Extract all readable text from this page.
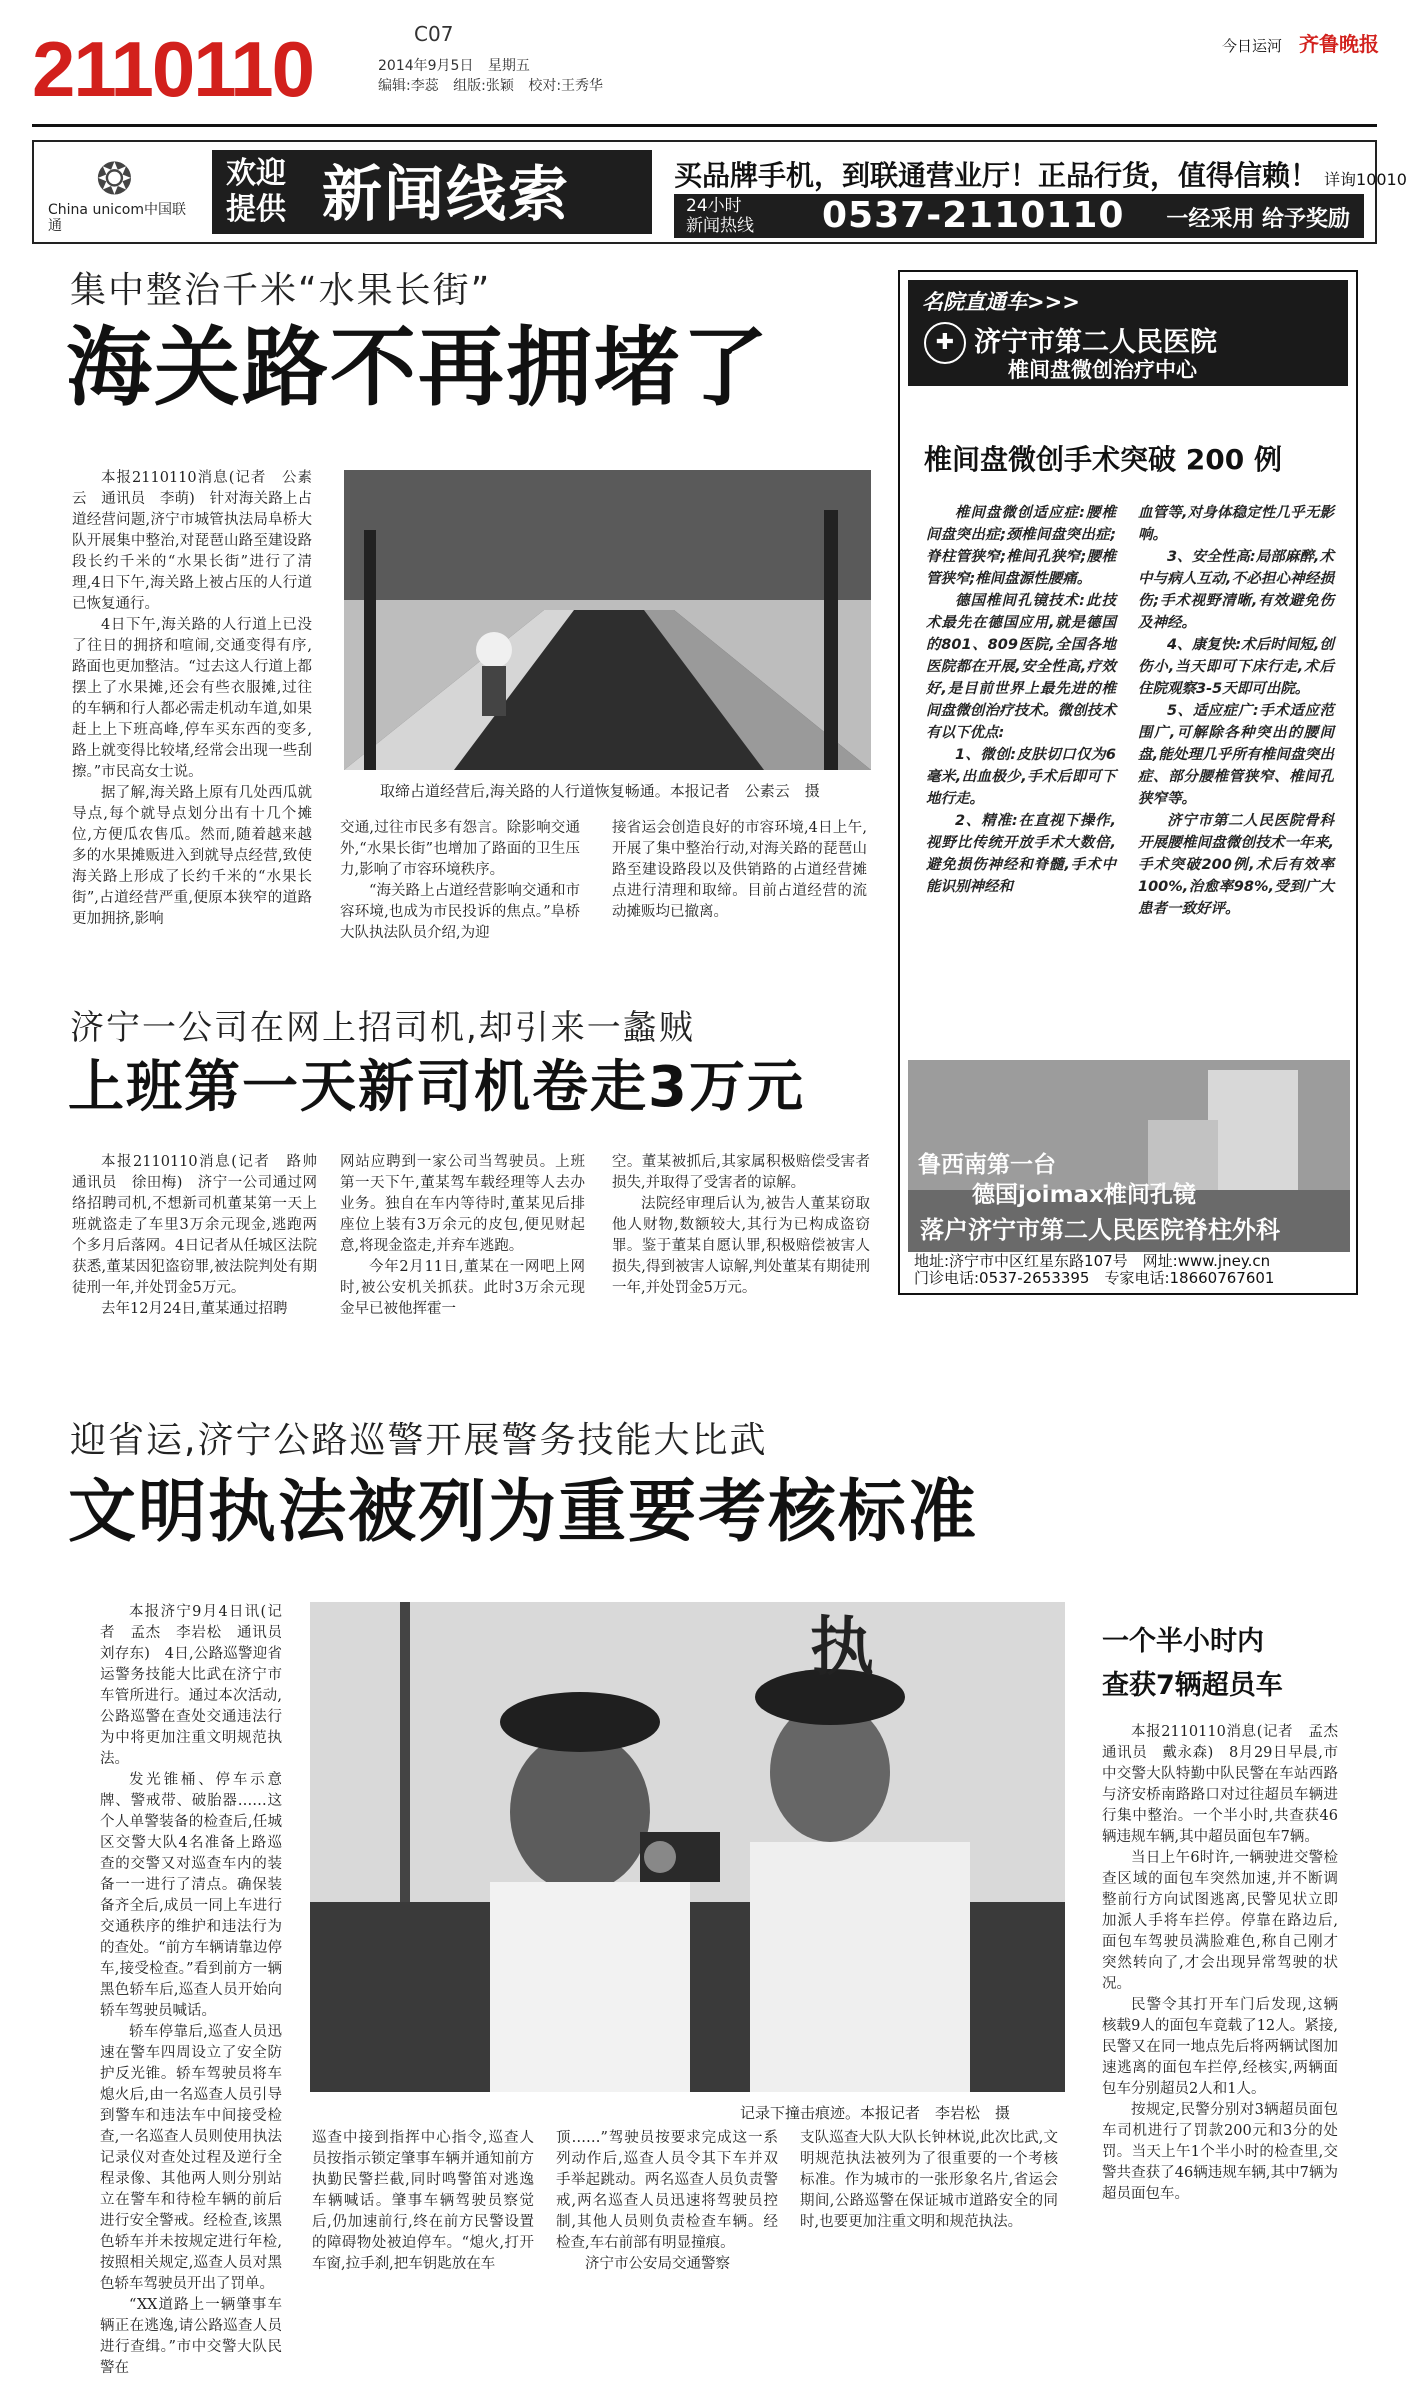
2110110	C07
2014年9月5日 星期五
编辑:李蕊 组版:张颖 校对:王秀华
今日运河 齐鲁晚报
❂
China unicom中国联通
欢迎
提供 新闻线索	买品牌手机，到联通营业厅！正品行货，值得信赖！ 详询10010
24小时
新闻热线 0537-2110110 一经采用 给予奖励
集中整治千米“水果长街”
海关路不再拥堵了

本报2110110消息(记者　公素云　通讯员　李萌)　针对海关路上占道经营问题,济宁市城管执法局阜桥大队开展集中整治,对琵琶山路至建设路段长约千米的“水果长街”进行了清理,4日下午,海关路上被占压的人行道已恢复通行。

4日下午,海关路的人行道上已没了往日的拥挤和喧闹,交通变得有序,路面也更加整洁。“过去这人行道上都摆上了水果摊,还会有些衣服摊,过往的车辆和行人都必需走机动车道,如果赶上上下班高峰,停车买东西的变多,路上就变得比较堵,经常会出现一些刮擦。”市民高女士说。

据了解,海关路上原有几处西瓜就导点,每个就导点划分出有十几个摊位,方便瓜农售瓜。然而,随着越来越多的水果摊贩进入到就导点经营,致使海关路上形成了长约千米的“水果长街”,占道经营严重,便原本狭窄的道路更加拥挤,影响

取缔占道经营后,海关路的人行道恢复畅通。本报记者　公素云　摄

交通,过往市民多有怨言。除影响交通外,“水果长街”也增加了路面的卫生压力,影响了市容环境秩序。

“海关路上占道经营影响交通和市容环境,也成为市民投诉的焦点。”阜桥大队执法队员介绍,为迎

接省运会创造良好的市容环境,4日上午,开展了集中整治行动,对海关路的琵琶山路至建设路段以及供销路的占道经营摊点进行清理和取缔。目前占道经营的流动摊贩均已撤离。

名院直通车>>>
✚ 济宁市第二人民医院
椎间盘微创治疗中心
椎间盘微创手术突破 200 例

椎间盘微创适应症:腰椎间盘突出症;颈椎间盘突出症;脊柱管狭窄;椎间孔狭窄;腰椎管狭窄;椎间盘源性腰痛。

德国椎间孔镜技术:此技术最先在德国应用,就是德国的801、809医院,全国各地医院都在开展,安全性高,疗效好,是目前世界上最先进的椎间盘微创治疗技术。微创技术有以下优点:

1、微创:皮肤切口仅为6毫米,出血极少,手术后即可下地行走。

2、精准:在直视下操作,视野比传统开放手术大数倍,避免损伤神经和脊髓,手术中能识别神经和

血管等,对身体稳定性几乎无影响。

3、安全性高:局部麻醉,术中与病人互动,不必担心神经损伤;手术视野清晰,有效避免伤及神经。

4、康复快:术后时间短,创伤小,当天即可下床行走,术后住院观察3-5天即可出院。

5、适应症广:手术适应范围广,可解除各种突出的腰间盘,能处理几乎所有椎间盘突出症、部分腰椎管狭窄、椎间孔狭窄等。

济宁市第二人民医院骨科开展腰椎间盘微创技术一年来,手术突破200例,术后有效率100%,治愈率98%,受到广大患者一致好评。

鲁西南第一台
德国joimax椎间孔镜
落户济宁市第二人民医院脊柱外科
地址:济宁市中区红星东路107号　网址:www.jney.cn
门诊电话:0537-2653395　专家电话:18660767601
济宁一公司在网上招司机,却引来一蠡贼
上班第一天新司机卷走3万元

本报2110110消息(记者　路帅　通讯员　徐田梅)　济宁一公司通过网络招聘司机,不想新司机董某第一天上班就盗走了车里3万余元现金,逃跑两个多月后落网。4日记者从任城区法院获悉,董某因犯盗窃罪,被法院判处有期徒刑一年,并处罚金5万元。

去年12月24日,董某通过招聘

网站应聘到一家公司当驾驶员。上班第一天下午,董某驾车载经理等人去办业务。独自在车内等待时,董某见后排座位上装有3万余元的皮包,便见财起意,将现金盗走,并弃车逃跑。

今年2月11日,董某在一网吧上网时,被公安机关抓获。此时3万余元现金早已被他挥霍一

空。董某被抓后,其家属积极赔偿受害者损失,并取得了受害者的谅解。

法院经审理后认为,被告人董某窃取他人财物,数额较大,其行为已构成盗窃罪。鉴于董某自愿认罪,积极赔偿被害人损失,得到被害人谅解,判处董某有期徒刑一年,并处罚金5万元。

迎省运,济宁公路巡警开展警务技能大比武
文明执法被列为重要考核标准

本报济宁9月4日讯(记者　孟杰　李岩松　通讯员　刘存东)　4日,公路巡警迎省运警务技能大比武在济宁市车管所进行。通过本次活动,公路巡警在查处交通违法行为中将更加注重文明规范执法。

发光锥桶、停车示意牌、警戒带、破胎器……这个人单警装备的检查后,任城区交警大队4名准备上路巡查的交警又对巡查车内的装备一一进行了清点。确保装备齐全后,成员一同上车进行交通秩序的维护和违法行为的查处。“前方车辆请靠边停车,接受检查。”看到前方一辆黑色轿车后,巡查人员开始向轿车驾驶员喊话。

轿车停靠后,巡查人员迅速在警车四周设立了安全防护反光锥。轿车驾驶员将车熄火后,由一名巡查人员引导到警车和违法车中间接受检查,一名巡查人员则使用执法记录仪对查处过程及逆行全程录像、其他两人则分别站立在警车和待检车辆的前后进行安全警戒。经检查,该黑色轿车并未按规定进行年检,按照相关规定,巡查人员对黑色轿车驾驶员开出了罚单。

“XX道路上一辆肇事车辆正在逃逸,请公路巡查人员进行查缉。”市中交警大队民警在

执
记录下撞击痕迹。本报记者　李岩松　摄

巡查中接到指挥中心指令,巡查人员按指示锁定肇事车辆并通知前方执勤民警拦截,同时鸣警笛对逃逸车辆喊话。肇事车辆驾驶员察觉后,仍加速前行,终在前方民警设置的障碍物处被迫停车。“熄火,打开车窗,拉手刹,把车钥匙放在车

顶……”驾驶员按要求完成这一系列动作后,巡查人员令其下车并双手举起跳动。两名巡查人员负责警戒,两名巡查人员迅速将驾驶员控制,其他人员则负责检查车辆。经检查,车右前部有明显撞痕。

济宁市公安局交通警察

支队巡查大队大队长钟林说,此次比武,文明规范执法被列为了很重要的一个考核标准。作为城市的一张形象名片,省运会期间,公路巡警在保证城市道路安全的同时,也要更加注重文明和规范执法。

一个半小时内
查获7辆超员车

本报2110110消息(记者　孟杰　通讯员　戴永森)　8月29日早晨,市中交警大队特勤中队民警在车站西路与济安桥南路路口对过往超员车辆进行集中整治。一个半小时,共查获46辆违规车辆,其中超员面包车7辆。

当日上午6时许,一辆驶进交警检查区域的面包车突然加速,并不断调整前行方向试图逃离,民警见状立即加派人手将车拦停。停靠在路边后,面包车驾驶员满脸难色,称自己刚才突然转向了,才会出现异常驾驶的状况。

民警令其打开车门后发现,这辆核载9人的面包车竟载了12人。紧接,民警又在同一地点先后将两辆试图加速逃离的面包车拦停,经核实,两辆面包车分别超员2人和1人。

按规定,民警分别对3辆超员面包车司机进行了罚款200元和3分的处罚。当天上午1个半小时的检查里,交警共查获了46辆违规车辆,其中7辆为超员面包车。
